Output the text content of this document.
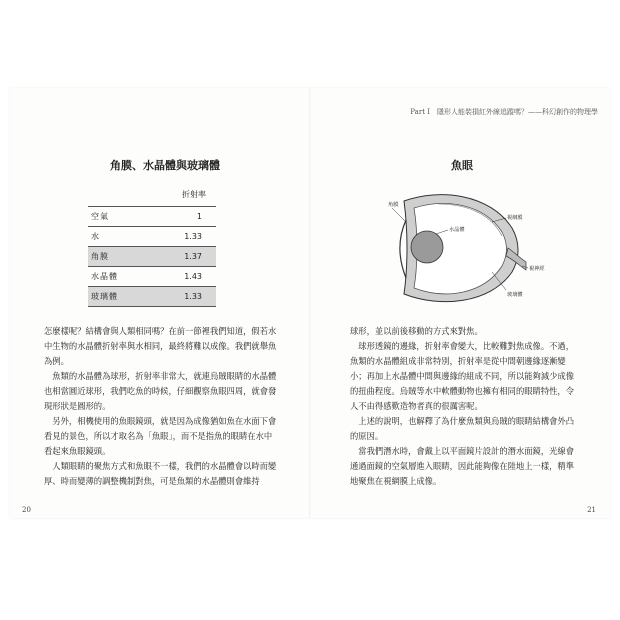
Part I　隱形人能裝損紅外線追蹤嗎？——科幻創作的物理學
角膜、水晶體與玻璃體
折射率
空氣	1
水	1.33
角膜	1.37
水晶體	1.43
玻璃體	1.33

怎麼樣呢？結構會與人類相同嗎？在前一節裡我們知道，假若水中生物的水晶體折射率與水相同，最終將難以成像。我們就舉魚為例。

魚類的水晶體為球形，折射率非常大，就連烏賊眼睛的水晶體也相當圓近球形，我們吃魚的時候，仔細觀察魚眼四周，就會發現形狀是圓形的。

另外，相機使用的魚眼鏡頭，就是因為成像猶如魚在水面下會看見的景色，所以才取名為「魚眼」，而不是指魚的眼睛在水中看起來魚眼鏡頭。

人類眼睛的聚焦方式和魚眼不一樣，我們的水晶體會以時而變厚、時而變薄的調整機制對焦，可是魚類的水晶體則會維持

20
魚眼
角膜
水晶體
視網膜
視神經
玻璃體

球形，並以前後移動的方式來對焦。

球形透鏡的邊緣，折射率會變大，比較難對焦成像。不過，魚類的水晶體組成非常特別，折射率是從中間朝邊緣逐漸變小；再加上水晶體中間與邊緣的組成不同，所以能夠減少成像的扭曲程度。烏賊等水中軟體動物也擁有相同的眼睛特性，令人不由得感歎造物者真的很厲害呢。

上述的說明，也解釋了為什麼魚類與烏賊的眼睛結構會外凸的原因。

當我們潛水時，會戴上以平面鏡片設計的潛水面鏡，光線會通過面鏡的空氣層進入眼睛，因此能夠像在陸地上一樣，精準地聚焦在視網膜上成像。

21
